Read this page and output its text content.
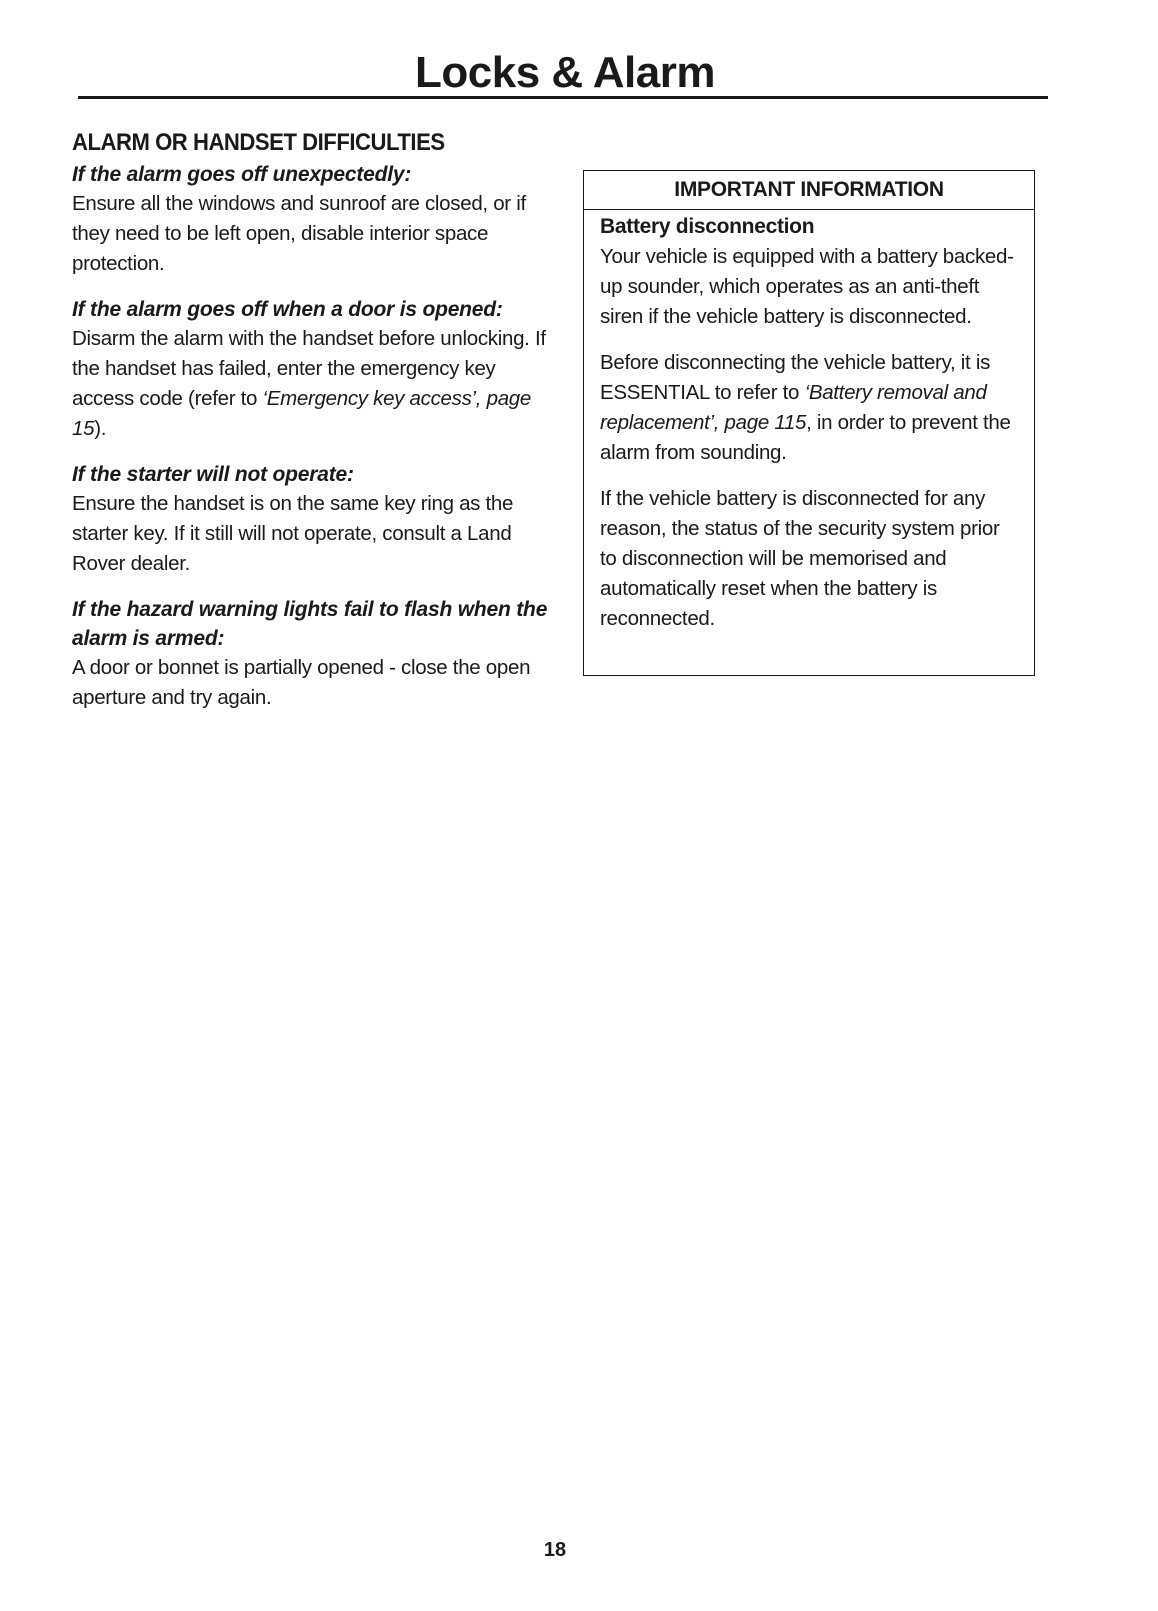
Locks & Alarm
ALARM OR HANDSET DIFFICULTIES

If the alarm goes off unexpectedly:

Ensure all the windows and sunroof are closed, or if they need to be left open, disable interior space protection.

If the alarm goes off when a door is opened:

Disarm the alarm with the handset before unlocking. If the handset has failed, enter the emergency key access code (refer to ‘Emergency key access’, page 15).

If the starter will not operate:

Ensure the handset is on the same key ring as the starter key. If it still will not operate, consult a Land Rover dealer.

If the hazard warning lights fail to flash when the alarm is armed:

A door or bonnet is partially opened - close the open aperture and try again.

IMPORTANT INFORMATION

Battery disconnection

Your vehicle is equipped with a battery backed-up sounder, which operates as an anti-theft siren if the vehicle battery is disconnected.

Before disconnecting the vehicle battery, it is ESSENTIAL to refer to ‘Battery removal and replacement’, page 115, in order to prevent the alarm from sounding.

If the vehicle battery is disconnected for any reason, the status of the security system prior to disconnection will be memorised and automatically reset when the battery is reconnected.

18
